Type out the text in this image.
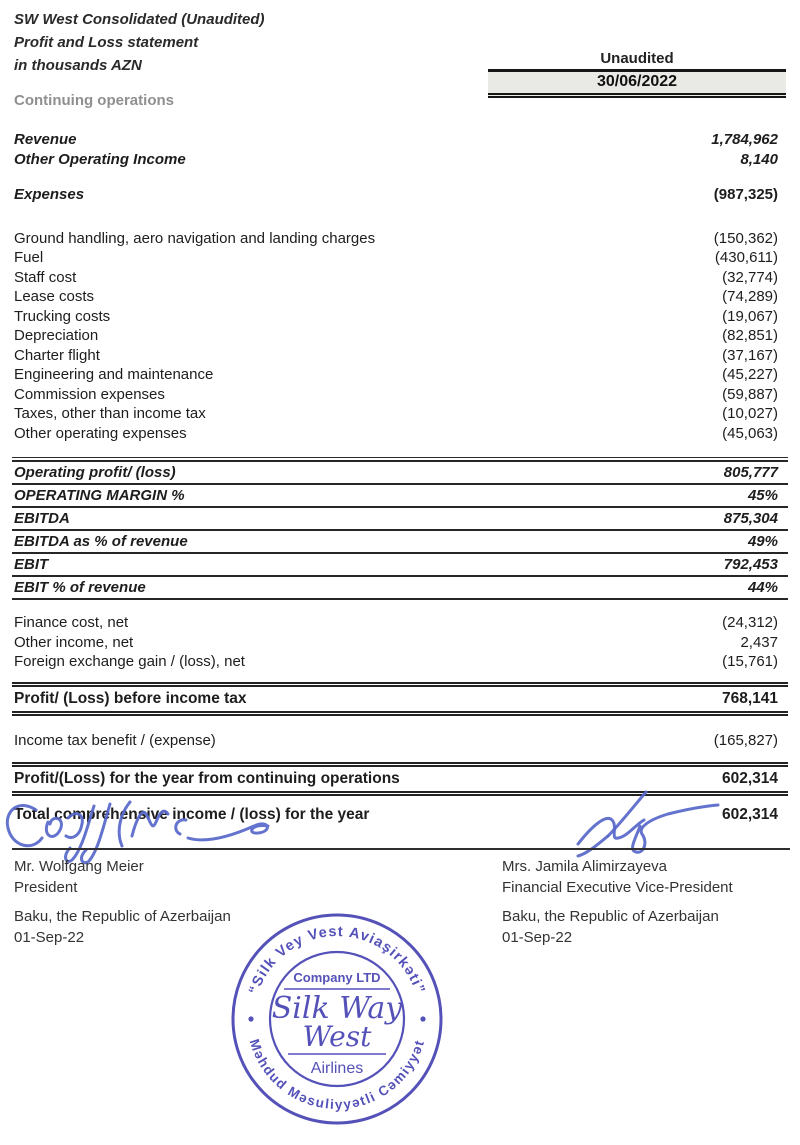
SW West Consolidated (Unaudited)
Profit and Loss statement
in thousands AZN	Unaudited
30/06/2022
Continuing operations
Revenue	1,784,962
Other Operating Income	8,140
Expenses	(987,325)
Ground handling, aero navigation and landing charges	(150,362)
Fuel	(430,611)
Staff cost	(32,774)
Lease costs	(74,289)
Trucking costs	(19,067)
Depreciation	(82,851)
Charter flight	(37,167)
Engineering and maintenance	(45,227)
Commission expenses	(59,887)
Taxes, other than income tax	(10,027)
Other operating expenses	(45,063)
Operating profit/ (loss)	805,777
OPERATING MARGIN %	45%
EBITDA	875,304
EBITDA as % of revenue	49%
EBIT	792,453
EBIT % of revenue	44%
Finance cost, net	(24,312)
Other income, net	2,437
Foreign exchange gain / (loss), net	(15,761)
Profit/ (Loss) before income tax	768,141
Income tax benefit / (expense)	(165,827)
Profit/(Loss) for the year from continuing operations	602,314
Total comprehensive income / (loss) for the year	602,314
Mr. Wolfgang Meier
President
Mrs. Jamila Alimirzayeva
Financial Executive Vice-President
Baku, the Republic of Azerbaijan
01-Sep-22
Baku, the Republic of Azerbaijan
01-Sep-22
“Silk Vey Vest Aviaşirkəti”
Məhdud Məsuliyyətli Cəmiyyət
Company LTD
Silk Way
West
Airlines
